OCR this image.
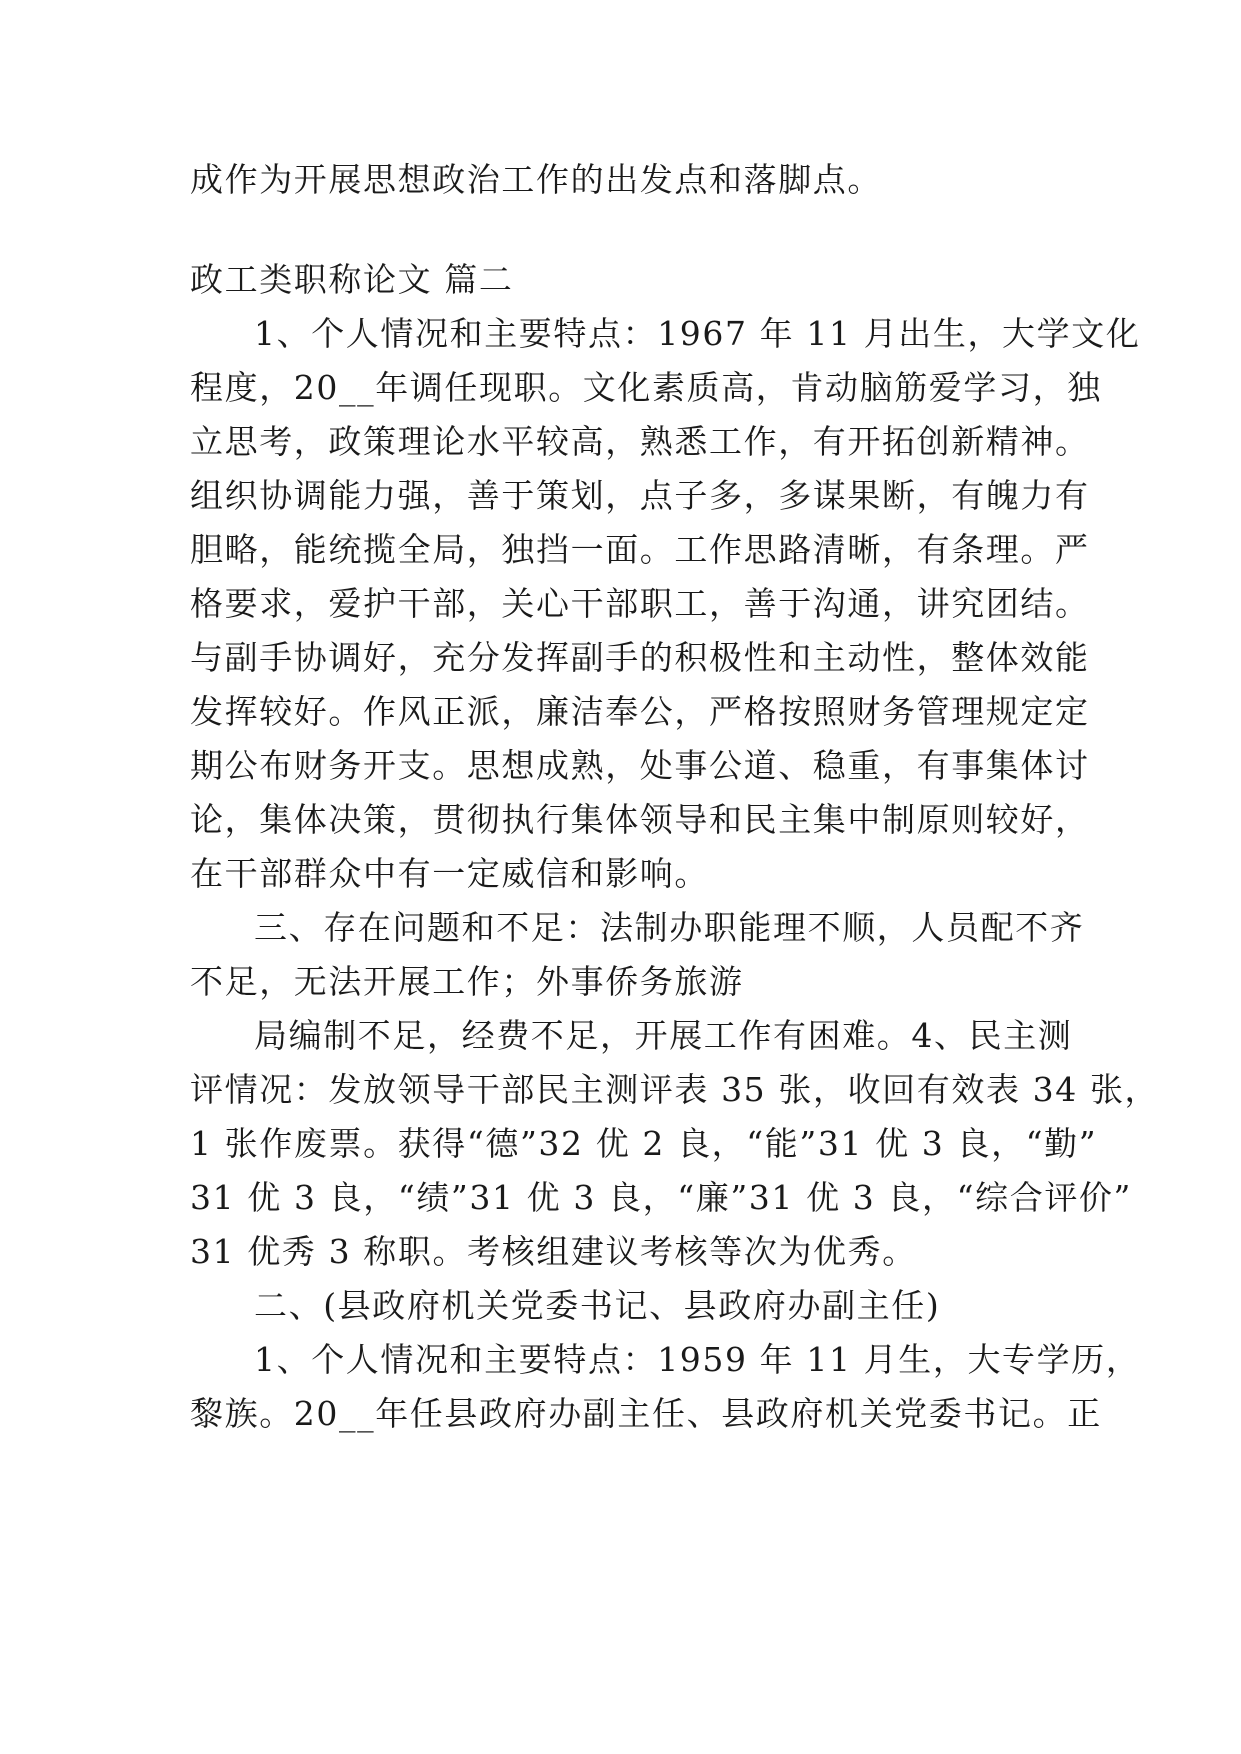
成作为开展思想政治工作的出发点和落脚点。
政工类职称论文 篇二
1、个人情况和主要特点：1967 年 11 月出生，大学文化
程度，20__年调任现职。文化素质高，肯动脑筋爱学习，独
立思考，政策理论水平较高，熟悉工作，有开拓创新精神。
组织协调能力强，善于策划，点子多，多谋果断，有魄力有
胆略，能统揽全局，独挡一面。工作思路清晰，有条理。严
格要求，爱护干部，关心干部职工，善于沟通，讲究团结。
与副手协调好，充分发挥副手的积极性和主动性，整体效能
发挥较好。作风正派，廉洁奉公，严格按照财务管理规定定
期公布财务开支。思想成熟，处事公道、稳重，有事集体讨
论，集体决策，贯彻执行集体领导和民主集中制原则较好，
在干部群众中有一定威信和影响。
三、存在问题和不足：法制办职能理不顺，人员配不齐
不足，无法开展工作；外事侨务旅游
局编制不足，经费不足，开展工作有困难。4、民主测
评情况：发放领导干部民主测评表 35 张，收回有效表 34 张，
1 张作废票。获得“德”32 优 2 良，“能”31 优 3 良，“勤”
31 优 3 良，“绩”31 优 3 良，“廉”31 优 3 良，“综合评价”
31 优秀 3 称职。考核组建议考核等次为优秀。
二、(县政府机关党委书记、县政府办副主任)
1、个人情况和主要特点：1959 年 11 月生，大专学历，
黎族。20__年任县政府办副主任、县政府机关党委书记。正
